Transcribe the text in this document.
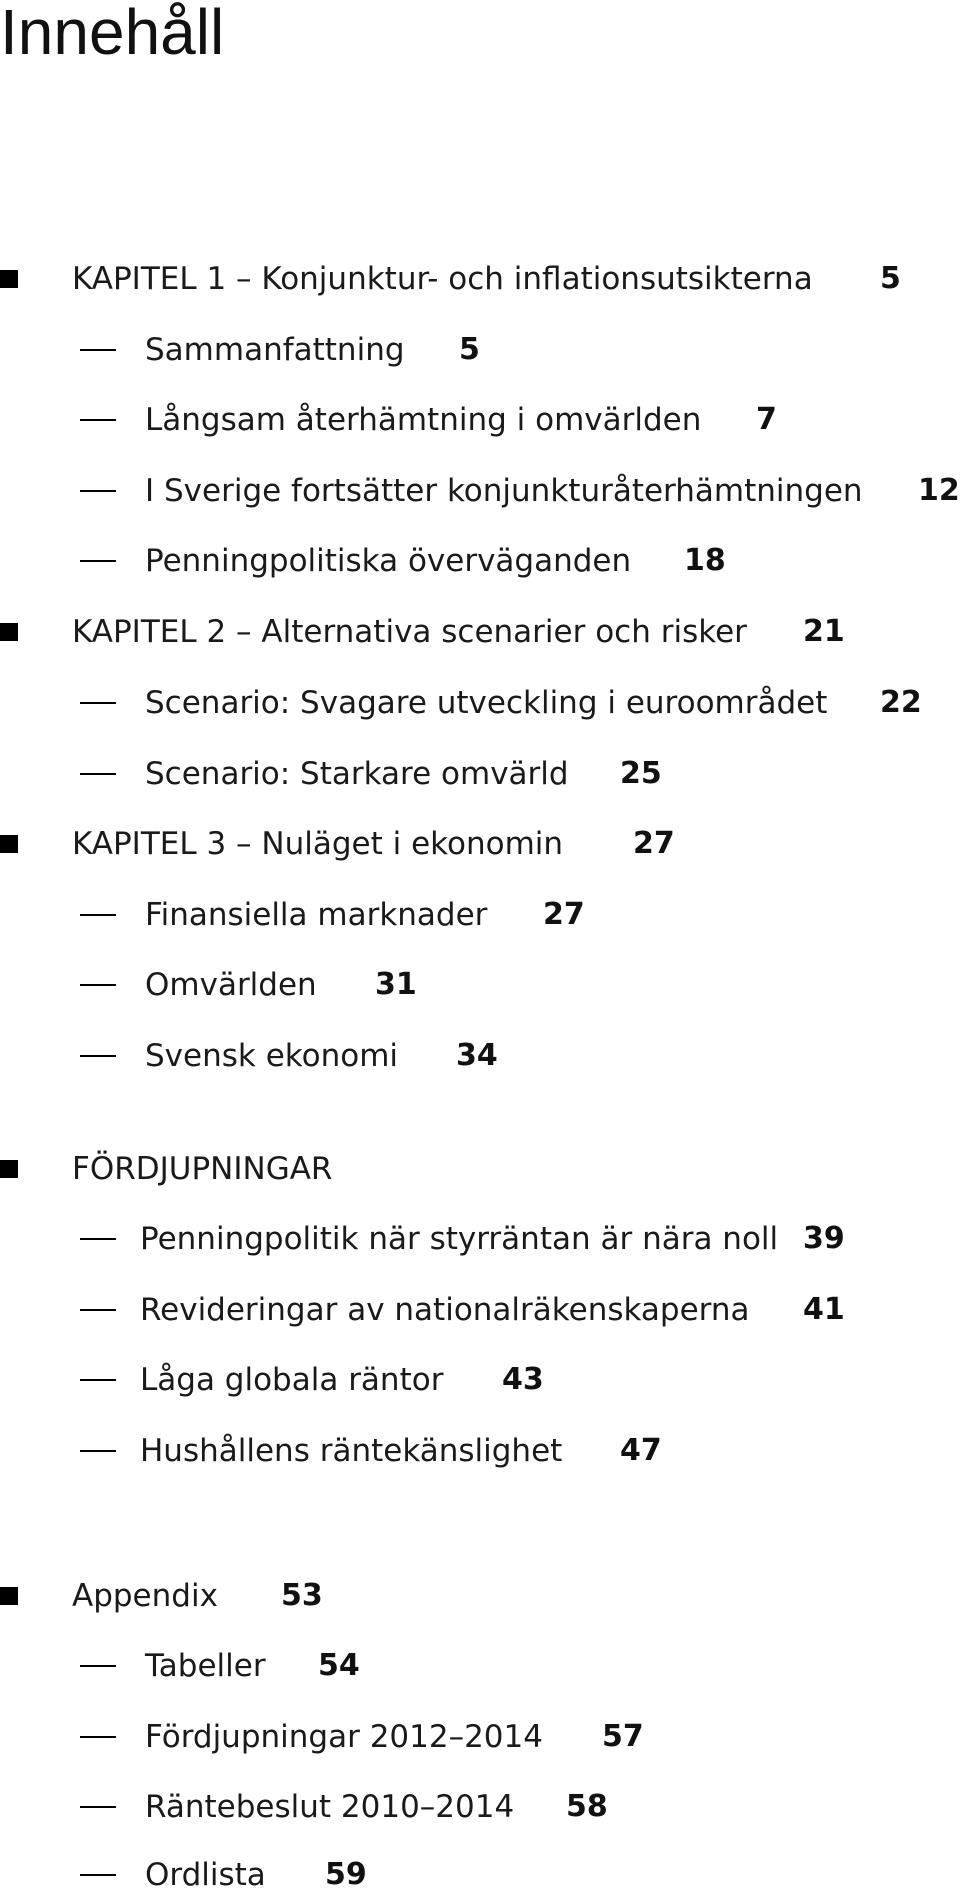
Innehåll
KAPITEL 1 – Konjunktur- och inflationsutsikterna 5
Sammanfattning 5
Långsam återhämtning i omvärlden 7
I Sverige fortsätter konjunkturåterhämtningen 12
Penningpolitiska överväganden 18
KAPITEL 2 – Alternativa scenarier och risker 21
Scenario: Svagare utveckling i euroområdet 22
Scenario: Starkare omvärld 25
KAPITEL 3 – Nuläget i ekonomin 27
Finansiella marknader 27
Omvärlden 31
Svensk ekonomi 34
FÖRDJUPNINGAR
Penningpolitik när styrräntan är nära noll 39
Revideringar av nationalräkenskaperna 41
Låga globala räntor 43
Hushållens räntekänslighet 47
Appendix 53
Tabeller 54
Fördjupningar 2012–2014 57
Räntebeslut 2010–2014 58
Ordlista 59
